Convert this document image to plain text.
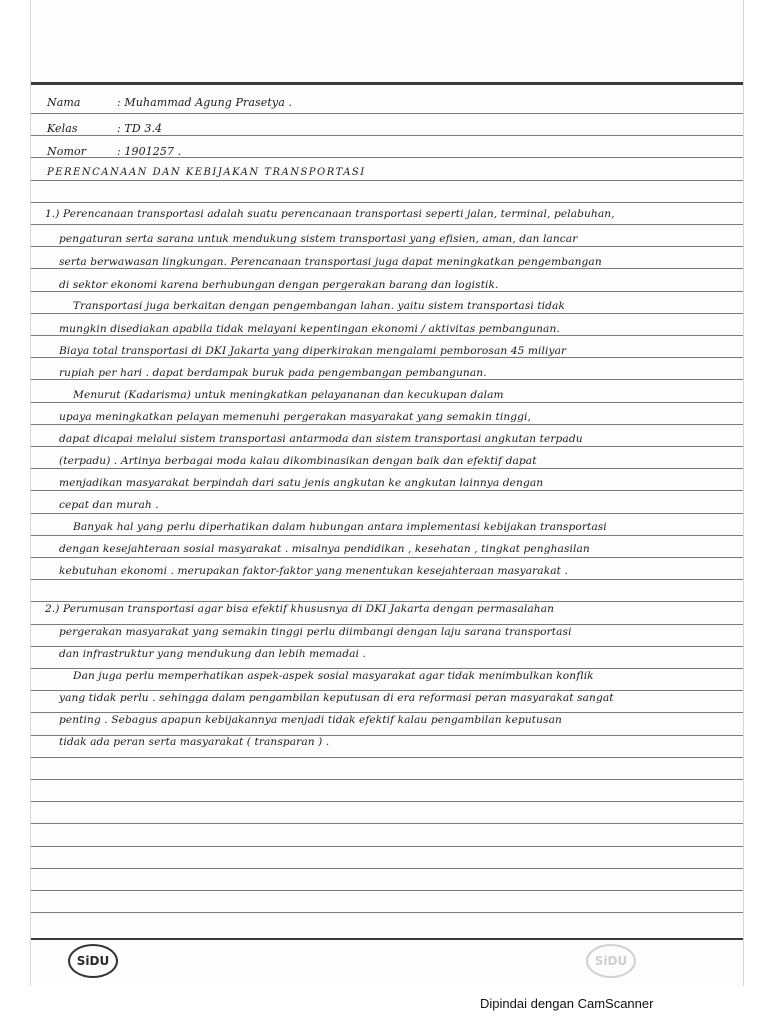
Nama	: Muhammad Agung Prasetya .
Kelas	: TD 3.4
Nomor	: 1901257 .
PERENCANAAN DAN KEBIJAKAN TRANSPORTASI
1.) Perencanaan transportasi adalah suatu perencanaan transportasi seperti jalan, terminal, pelabuhan,
pengaturan serta sarana untuk mendukung sistem transportasi yang efisien, aman, dan lancar
serta berwawasan lingkungan. Perencanaan transportasi juga dapat meningkatkan pengembangan
di sektor ekonomi karena berhubungan dengan pergerakan barang dan logistik.
Transportasi juga berkaitan dengan pengembangan lahan. yaitu sistem transportasi tidak
mungkin disediakan apabila tidak melayani kepentingan ekonomi / aktivitas pembangunan.
Biaya total transportasi di DKI Jakarta yang diperkirakan mengalami pemborosan 45 miliyar
rupiah per hari . dapat berdampak buruk pada pengembangan pembangunan.
Menurut (Kadarisma) untuk meningkatkan pelayananan dan kecukupan dalam
upaya meningkatkan pelayan memenuhi pergerakan masyarakat yang semakin tinggi,
dapat dicapai melalui sistem transportasi antarmoda dan sistem transportasi angkutan terpadu
(terpadu) . Artinya berbagai moda kalau dikombinasikan dengan baik dan efektif dapat
menjadikan masyarakat berpindah dari satu jenis angkutan ke angkutan lainnya dengan
cepat dan murah .
Banyak hal yang perlu diperhatikan dalam hubungan antara implementasi kebijakan transportasi
dengan kesejahteraan sosial masyarakat . misalnya pendidikan , kesehatan , tingkat penghasilan
kebutuhan ekonomi . merupakan faktor-faktor yang menentukan kesejahteraan masyarakat .
2.) Perumusan transportasi agar bisa efektif khususnya di DKI Jakarta dengan permasalahan
pergerakan masyarakat yang semakin tinggi perlu diimbangi dengan laju sarana transportasi
dan infrastruktur yang mendukung dan lebih memadai .
Dan juga perlu memperhatikan aspek-aspek sosial masyarakat agar tidak menimbulkan konflik
yang tidak perlu . sehingga dalam pengambilan keputusan di era reformasi peran masyarakat sangat
penting . Sebagus apapun kebijakannya menjadi tidak efektif kalau pengambilan keputusan
tidak ada peran serta masyarakat ( transparan ) .
SiDU	SiDU
Dipindai dengan CamScanner
